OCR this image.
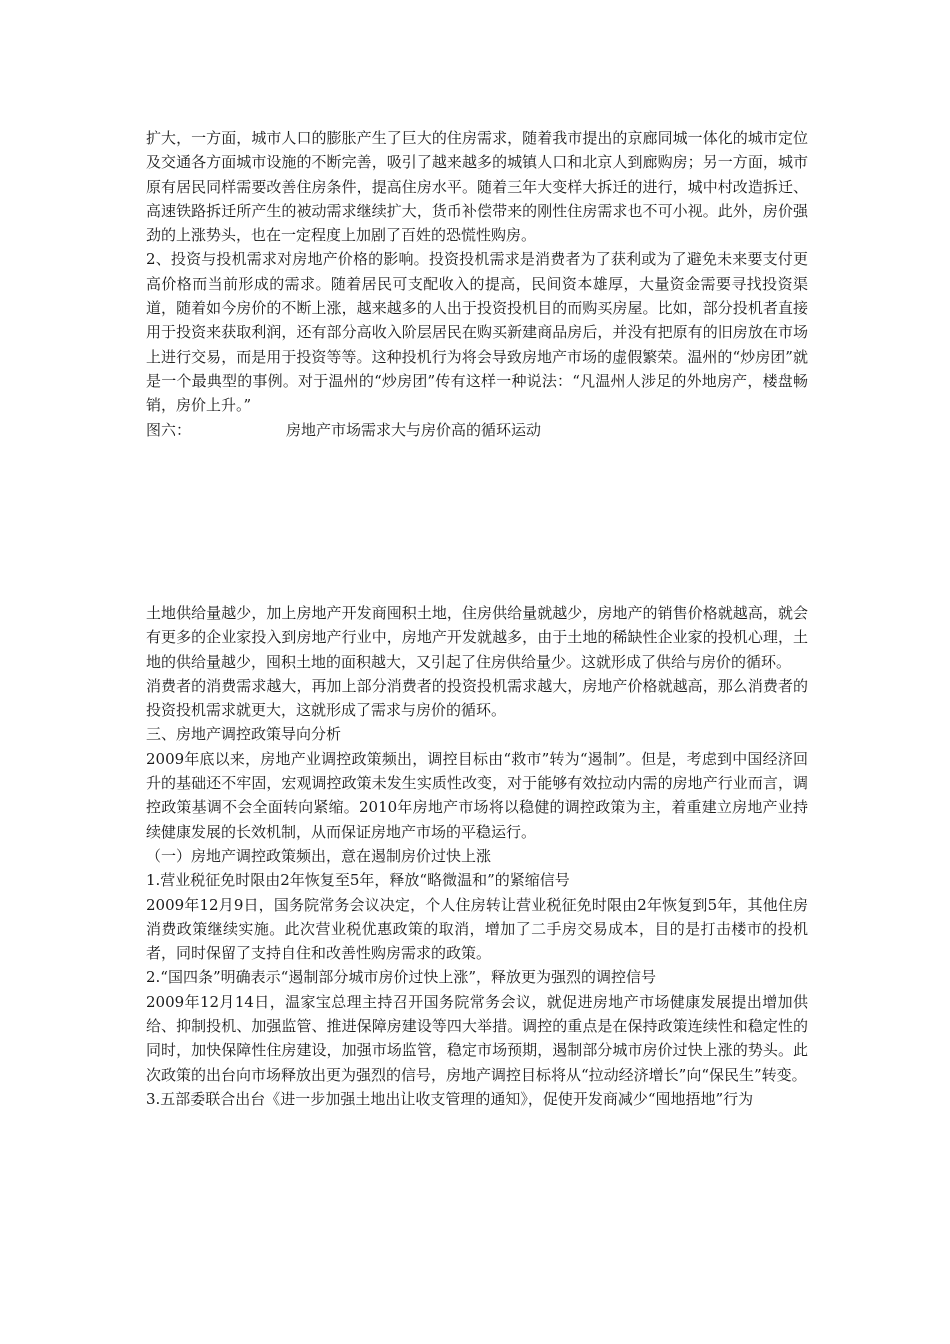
扩大，一方面，城市人口的膨胀产生了巨大的住房需求，随着我市提出的京廊同城一体化的城市定位及交通各方面城市设施的不断完善，吸引了越来越多的城镇人口和北京人到廊购房；另一方面，城市原有居民同样需要改善住房条件，提高住房水平。随着三年大变样大拆迁的进行，城中村改造拆迁、高速铁路拆迁所产生的被动需求继续扩大，货币补偿带来的刚性住房需求也不可小视。此外，房价强劲的上涨势头，也在一定程度上加剧了百姓的恐慌性购房。

2、投资与投机需求对房地产价格的影响。投资投机需求是消费者为了获利或为了避免未来要支付更高价格而当前形成的需求。随着居民可支配收入的提高，民间资本雄厚，大量资金需要寻找投资渠道，随着如今房价的不断上涨，越来越多的人出于投资投机目的而购买房屋。比如，部分投机者直接用于投资来获取利润，还有部分高收入阶层居民在购买新建商品房后，并没有把原有的旧房放在市场上进行交易，而是用于投资等等。这种投机行为将会导致房地产市场的虚假繁荣。温州的“炒房团”就是一个最典型的事例。对于温州的“炒房团”传有这样一种说法：“凡温州人涉足的外地房产，楼盘畅销，房价上升。”

图六：	房地产市场需求大与房价高的循环运动

土地供给量越少，加上房地产开发商囤积土地，住房供给量就越少，房地产的销售价格就越高，就会有更多的企业家投入到房地产行业中，房地产开发就越多，由于土地的稀缺性企业家的投机心理，土地的供给量越少，囤积土地的面积越大，又引起了住房供给量少。这就形成了供给与房价的循环。

消费者的消费需求越大，再加上部分消费者的投资投机需求越大，房地产价格就越高，那么消费者的投资投机需求就更大，这就形成了需求与房价的循环。

三、房地产调控政策导向分析

2009年底以来，房地产业调控政策频出，调控目标由“救市”转为“遏制”。但是，考虑到中国经济回升的基础还不牢固，宏观调控政策未发生实质性改变，对于能够有效拉动内需的房地产行业而言，调控政策基调不会全面转向紧缩。2010年房地产市场将以稳健的调控政策为主，着重建立房地产业持续健康发展的长效机制，从而保证房地产市场的平稳运行。

（一）房地产调控政策频出，意在遏制房价过快上涨

1.营业税征免时限由2年恢复至5年，释放“略微温和”的紧缩信号

2009年12月9日，国务院常务会议决定，个人住房转让营业税征免时限由2年恢复到5年，其他住房消费政策继续实施。此次营业税优惠政策的取消，增加了二手房交易成本，目的是打击楼市的投机者，同时保留了支持自住和改善性购房需求的政策。

2.“国四条”明确表示“遏制部分城市房价过快上涨”，释放更为强烈的调控信号

2009年12月14日，温家宝总理主持召开国务院常务会议，就促进房地产市场健康发展提出增加供给、抑制投机、加强监管、推进保障房建设等四大举措。调控的重点是在保持政策连续性和稳定性的同时，加快保障性住房建设，加强市场监管，稳定市场预期，遏制部分城市房价过快上涨的势头。此次政策的出台向市场释放出更为强烈的信号，房地产调控目标将从“拉动经济增长”向“保民生”转变。

3.五部委联合出台《进一步加强土地出让收支管理的通知》，促使开发商减少“囤地捂地”行为
